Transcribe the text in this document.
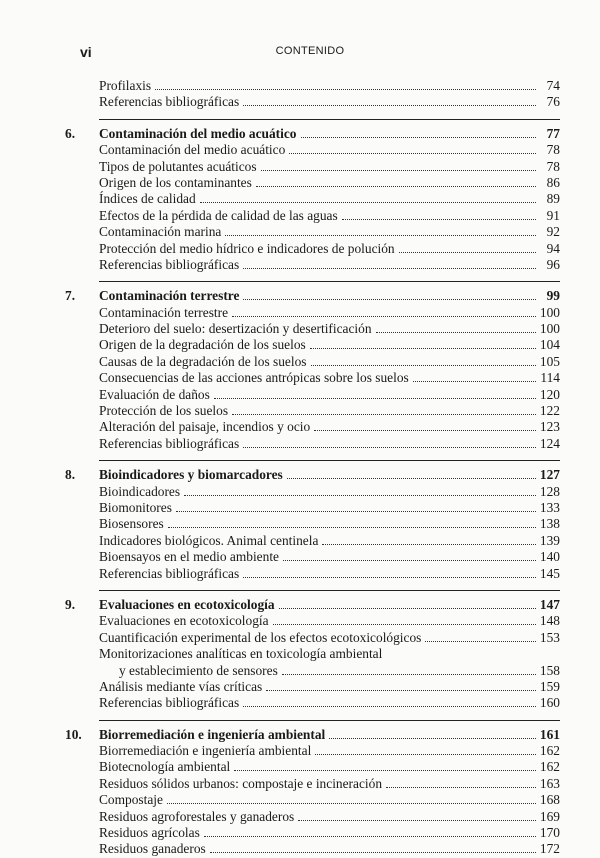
vi	CONTENIDO
Profilaxis	74
Referencias bibliográficas	76
6. Contaminación del medio acuático	77
Contaminación del medio acuático	78
Tipos de polutantes acuáticos	78
Origen de los contaminantes	86
Índices de calidad	89
Efectos de la pérdida de calidad de las aguas	91
Contaminación marina	92
Protección del medio hídrico e indicadores de polución	94
Referencias bibliográficas	96
7. Contaminación terrestre	99
Contaminación terrestre	100
Deterioro del suelo: desertización y desertificación	100
Origen de la degradación de los suelos	104
Causas de la degradación de los suelos	105
Consecuencias de las acciones antrópicas sobre los suelos	114
Evaluación de daños	120
Protección de los suelos	122
Alteración del paisaje, incendios y ocio	123
Referencias bibliográficas	124
8. Bioindicadores y biomarcadores	127
Bioindicadores	128
Biomonitores	133
Biosensores	138
Indicadores biológicos. Animal centinela	139
Bioensayos en el medio ambiente	140
Referencias bibliográficas	145
9. Evaluaciones en ecotoxicología	147
Evaluaciones en ecotoxicología	148
Cuantificación experimental de los efectos ecotoxicológicos	153
Monitorizaciones analíticas en toxicología ambiental
y establecimiento de sensores	158
Análisis mediante vías críticas	159
Referencias bibliográficas	160
10. Biorremediación e ingeniería ambiental	161
Biorremediación e ingeniería ambiental	162
Biotecnología ambiental	162
Residuos sólidos urbanos: compostaje e incineración	163
Compostaje	168
Residuos agroforestales y ganaderos	169
Residuos agrícolas	170
Residuos ganaderos	172
